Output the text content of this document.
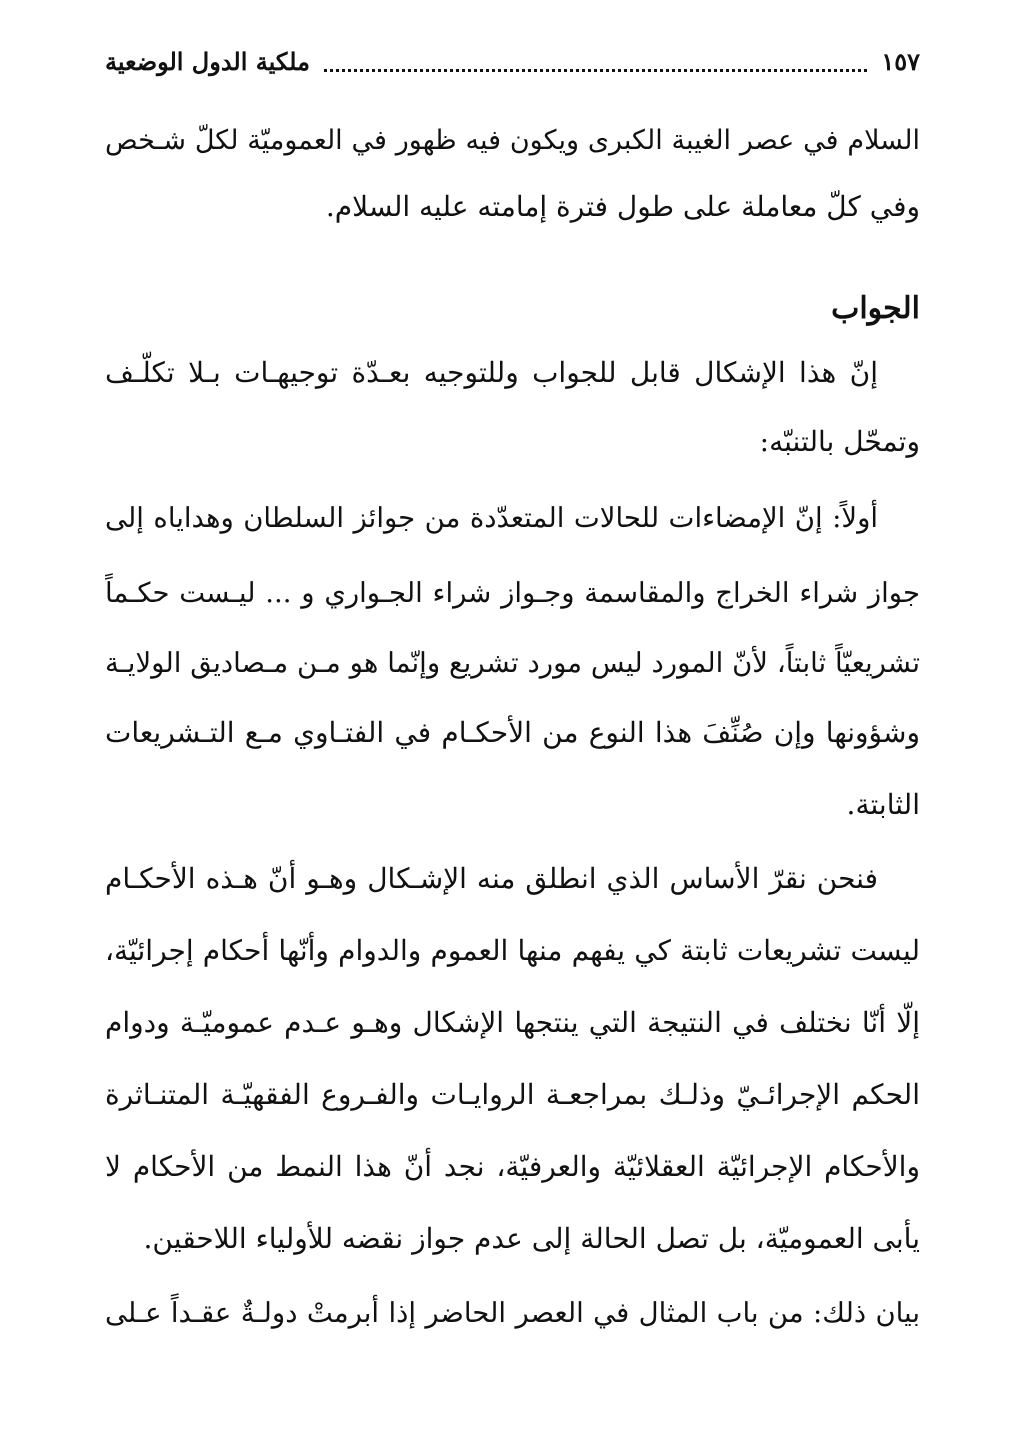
١٥٧
ملكية الدول الوضعية
السلام في عصر الغيبة الكبرى ويكون فيه ظهور في العموميّة لكلّ شـخص
وفي كلّ معاملة على طول فترة إمامته عليه السلام.
الجواب
إنّ هذا الإشكال قابل للجواب وللتوجيه بعـدّة توجيهـات بـلا تكلّـف
وتمحّل بالتنبّه:
أولاً: إنّ الإمضاءات للحالات المتعدّدة من جوائز السلطان وهداياه إلى
جواز شراء الخراج والمقاسمة وجـواز شراء الجـواري و ... ليـست حكـماً
تشريعيّاً ثابتاً، لأنّ المورد ليس مورد تشريع وإنّما هو مـن مـصاديق الولايـة
وشؤونها وإن صُنِّفَ هذا النوع من الأحكـام في الفتـاوي مـع التـشريعات
الثابتة.
فنحن نقرّ الأساس الذي انطلق منه الإشـكال وهـو أنّ هـذه الأحكـام
ليست تشريعات ثابتة كي يفهم منها العموم والدوام وأنّها أحكام إجرائيّة،
إلّا أنّا نختلف في النتيجة التي ينتجها الإشكال وهـو عـدم عموميّـة ودوام
الحكم الإجرائـيّ وذلـك بمراجعـة الروايـات والفـروع الفقهيّـة المتنـاثرة
والأحكام الإجرائيّة العقلائيّة والعرفيّة، نجد أنّ هذا النمط من الأحكام لا
يأبى العموميّة، بل تصل الحالة إلى عدم جواز نقضه للأولياء اللاحقين.
بيان ذلك: من باب المثال في العصر الحاضر إذا أبرمتْ دولـةٌ عقـداً عـلى
